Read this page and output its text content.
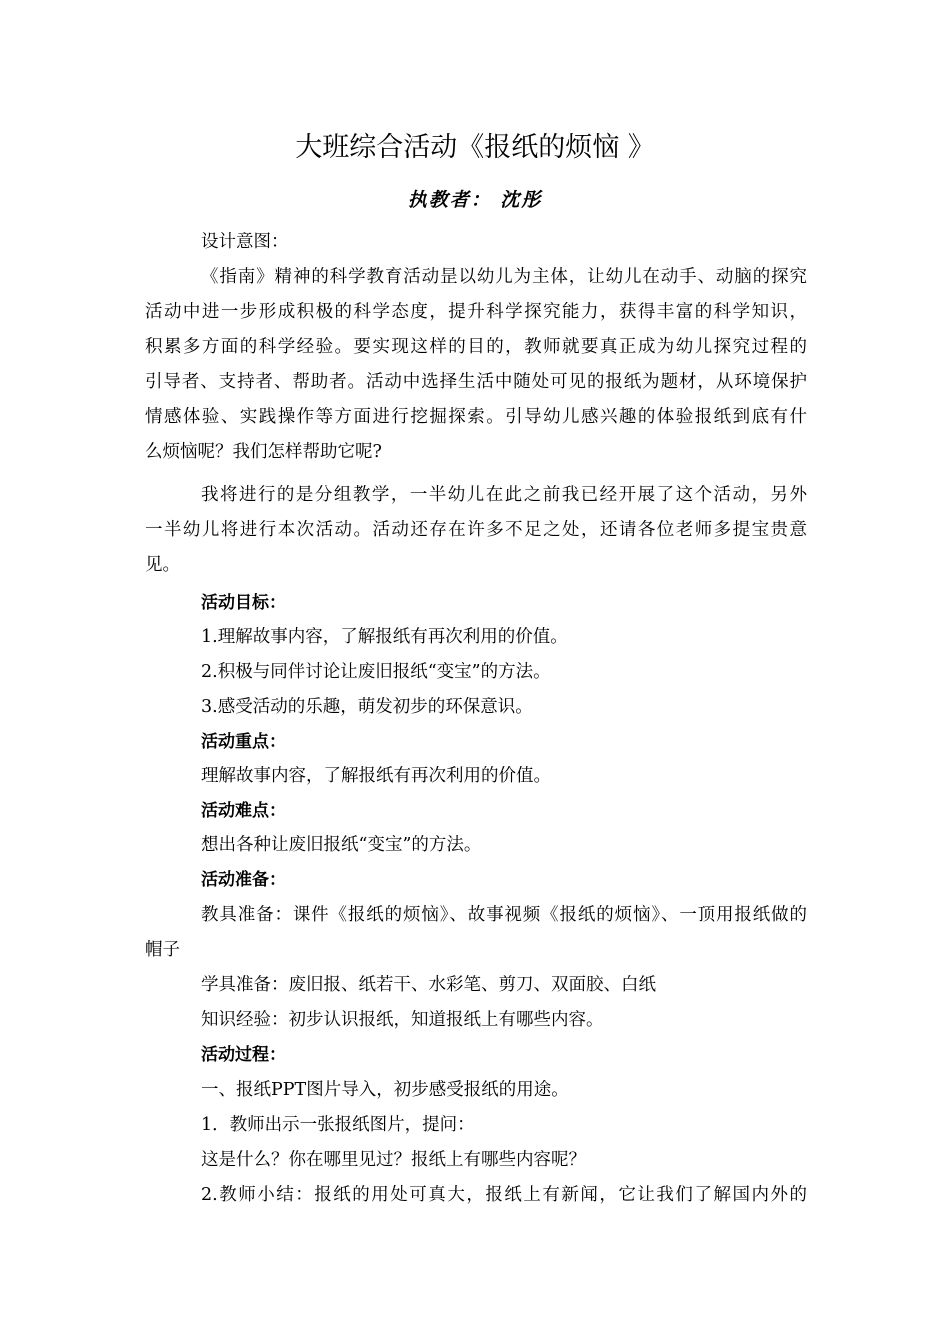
大班综合活动《报纸的烦恼 》
执教者： 沈彤
设计意图：
《指南》精神的科学教育活动昰以幼儿为主体，让幼儿在动手、动脑的探究
活动中进一步形成积极的科学态度，提升科学探究能力，获得丰富的科学知识，
积累多方面的科学经验。要实现这样的目的，教师就要真正成为幼儿探究过程的
引导者、支持者、帮助者。活动中选择生活中随处可见的报纸为题材，从环境保护
情感体验、实践操作等方面进行挖掘探索。引导幼儿感兴趣的体验报纸到底有什
么烦恼呢？我们怎样帮助它呢?
我将进行的是分组教学，一半幼儿在此之前我已经开展了这个活动，另外
一半幼儿将进行本次活动。活动还存在许多不足之处，还请各位老师多提宝贵意
见。
活动目标：
1.理解故事内容，了解报纸有再次利用的价值。
2.积极与同伴讨论让废旧报纸“变宝”的方法。
3.感受活动的乐趣，萌发初步的环保意识。
活动重点：
理解故事内容，了解报纸有再次利用的价值。
活动难点：
想出各种让废旧报纸“变宝”的方法。
活动准备：
教具准备：课件《报纸的烦恼》、故事视频《报纸的烦恼》、一顶用报纸做的
帽子
学具准备：废旧报、纸若干、水彩笔、剪刀、双面胶、白纸
知识经验：初步认识报纸，知道报纸上有哪些内容。
活动过程：
一、报纸PPT图片导入，初步感受报纸的用途。
1．教师出示一张报纸图片，提问：
这是什么？你在哪里见过？报纸上有哪些内容呢？
2.教师小结：报纸的用处可真大，报纸上有新闻，它让我们了解国内外的
